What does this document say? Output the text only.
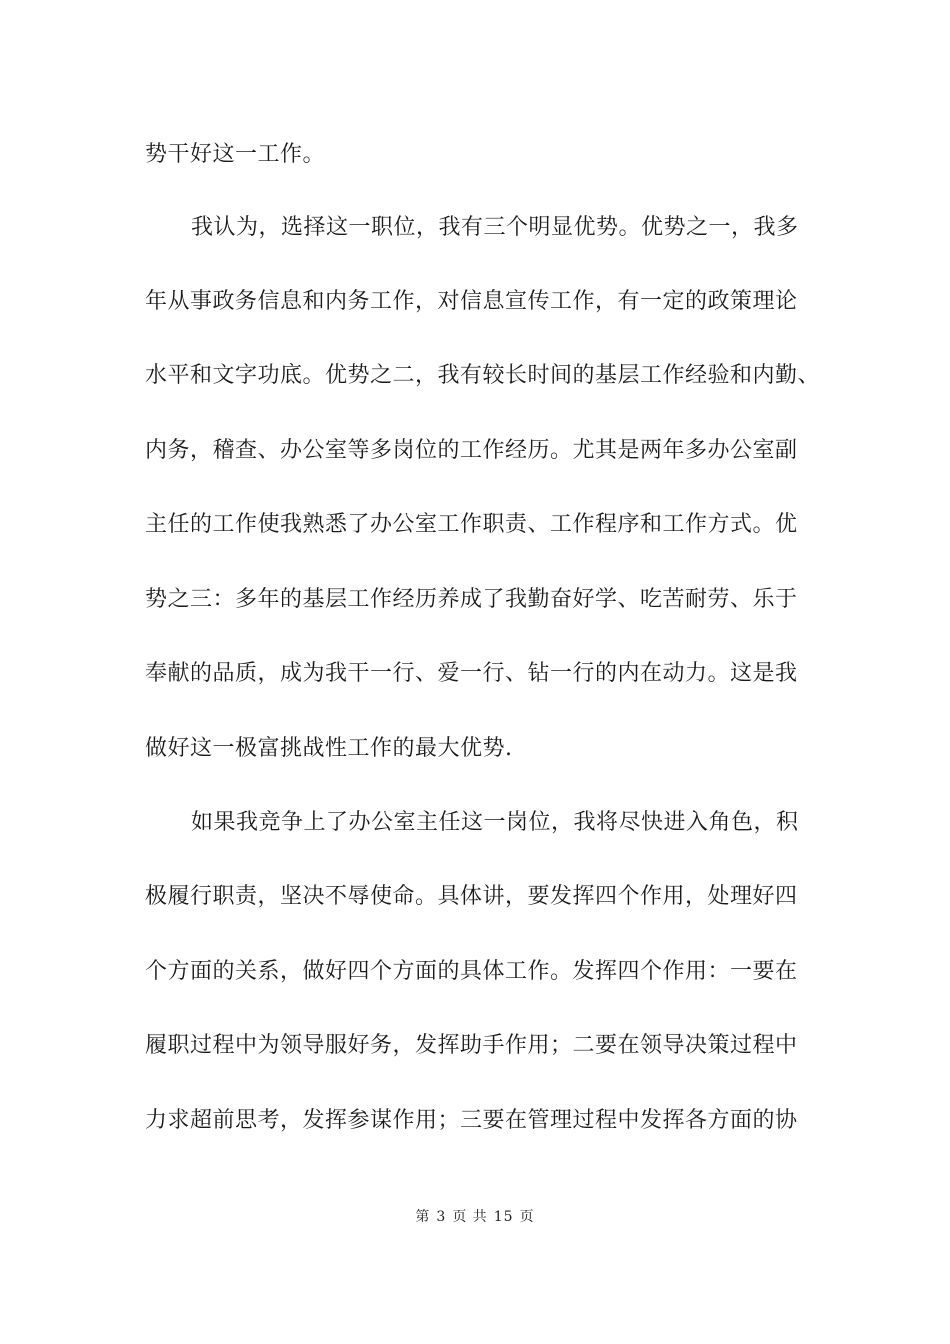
势干好这一工作。
我认为，选择这一职位，我有三个明显优势。优势之一，我多
年从事政务信息和内务工作，对信息宣传工作，有一定的政策理论
水平和文字功底。优势之二，我有较长时间的基层工作经验和内勤、
内务，稽查、办公室等多岗位的工作经历。尤其是两年多办公室副
主任的工作使我熟悉了办公室工作职责、工作程序和工作方式。优
势之三：多年的基层工作经历养成了我勤奋好学、吃苦耐劳、乐于
奉献的品质，成为我干一行、爱一行、钻一行的内在动力。这是我
做好这一极富挑战性工作的最大优势.
如果我竞争上了办公室主任这一岗位，我将尽快进入角色，积
极履行职责，坚决不辱使命。具体讲，要发挥四个作用，处理好四
个方面的关系，做好四个方面的具体工作。发挥四个作用：一要在
履职过程中为领导服好务，发挥助手作用；二要在领导决策过程中
力求超前思考，发挥参谋作用；三要在管理过程中发挥各方面的协
第 3 页 共 15 页
